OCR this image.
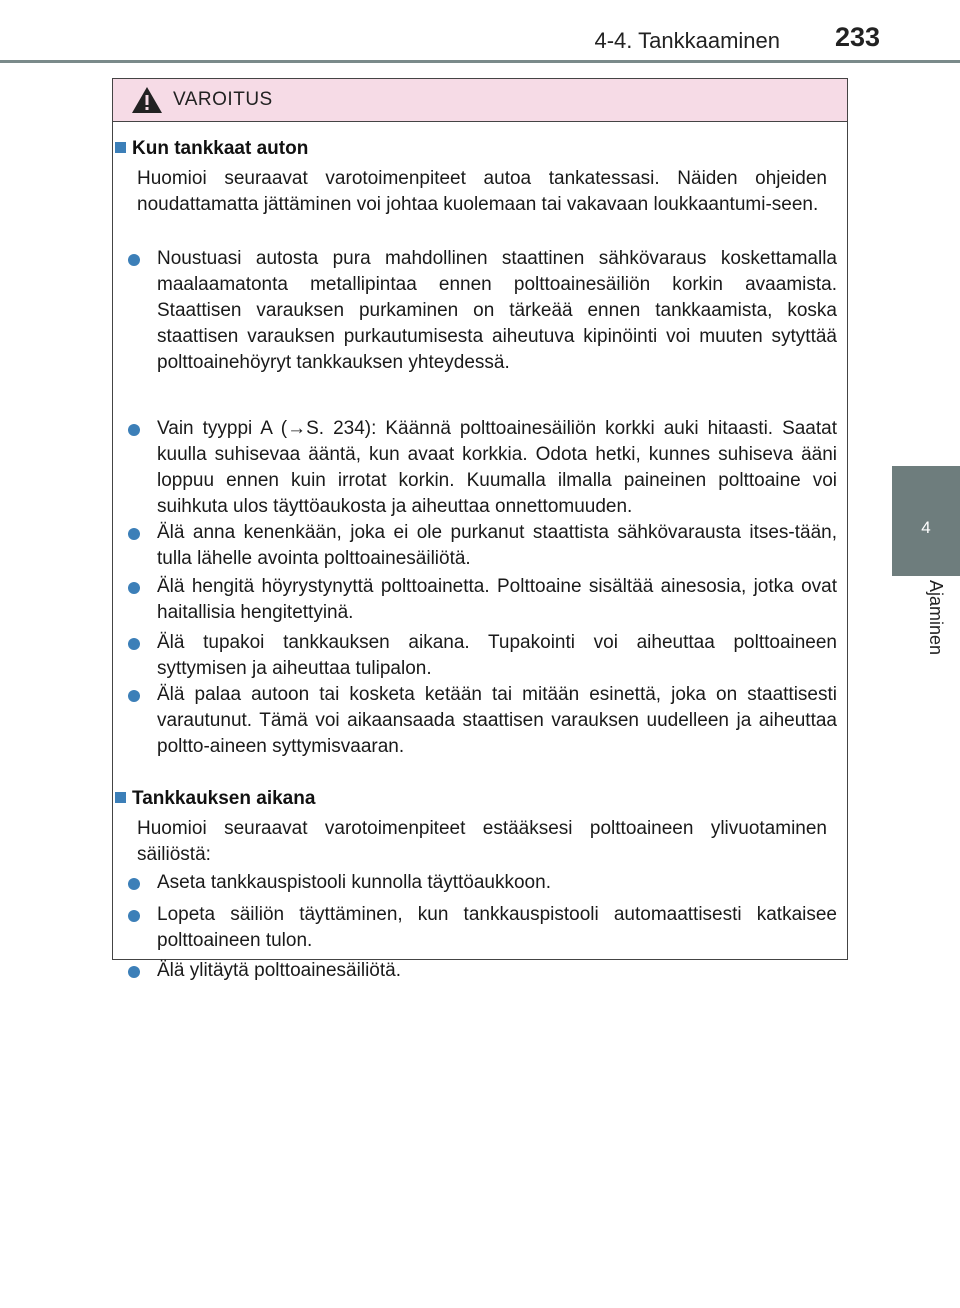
4-4. Tankkaaminen 233
4
Ajaminen
VAROITUS
Kun tankkaat auton
Huomioi seuraavat varotoimenpiteet autoa tankatessasi. Näiden ohjeiden noudattamatta jättäminen voi johtaa kuolemaan tai vakavaan loukkaantumi-seen.
Noustuasi autosta pura mahdollinen staattinen sähkövaraus koskettamalla maalaamatonta metallipintaa ennen polttoainesäiliön korkin avaamista. Staattisen varauksen purkaminen on tärkeää ennen tankkaamista, koska staattisen varauksen purkautumisesta aiheutuva kipinöinti voi muuten sytyttää polttoainehöyryt tankkauksen yhteydessä.
Vain tyyppi A (→S. 234): Käännä polttoainesäiliön korkki auki hitaasti. Saatat kuulla suhisevaa ääntä, kun avaat korkkia. Odota hetki, kunnes suhiseva ääni loppuu ennen kuin irrotat korkin. Kuumalla ilmalla paineinen polttoaine voi suihkuta ulos täyttöaukosta ja aiheuttaa onnettomuuden.
Älä anna kenenkään, joka ei ole purkanut staattista sähkövarausta itses-tään, tulla lähelle avointa polttoainesäiliötä.
Älä hengitä höyrystynyttä polttoainetta. Polttoaine sisältää ainesosia, jotka ovat haitallisia hengitettyinä.
Älä tupakoi tankkauksen aikana. Tupakointi voi aiheuttaa polttoaineen syttymisen ja aiheuttaa tulipalon.
Älä palaa autoon tai kosketa ketään tai mitään esinettä, joka on staattisesti varautunut. Tämä voi aikaansaada staattisen varauksen uudelleen ja aiheuttaa poltto-aineen syttymisvaaran.
Tankkauksen aikana
Huomioi seuraavat varotoimenpiteet estääksesi polttoaineen ylivuotaminen säiliöstä:
Aseta tankkauspistooli kunnolla täyttöaukkoon.
Lopeta säiliön täyttäminen, kun tankkauspistooli automaattisesti katkaisee polttoaineen tulon.
Älä ylitäytä polttoainesäiliötä.
